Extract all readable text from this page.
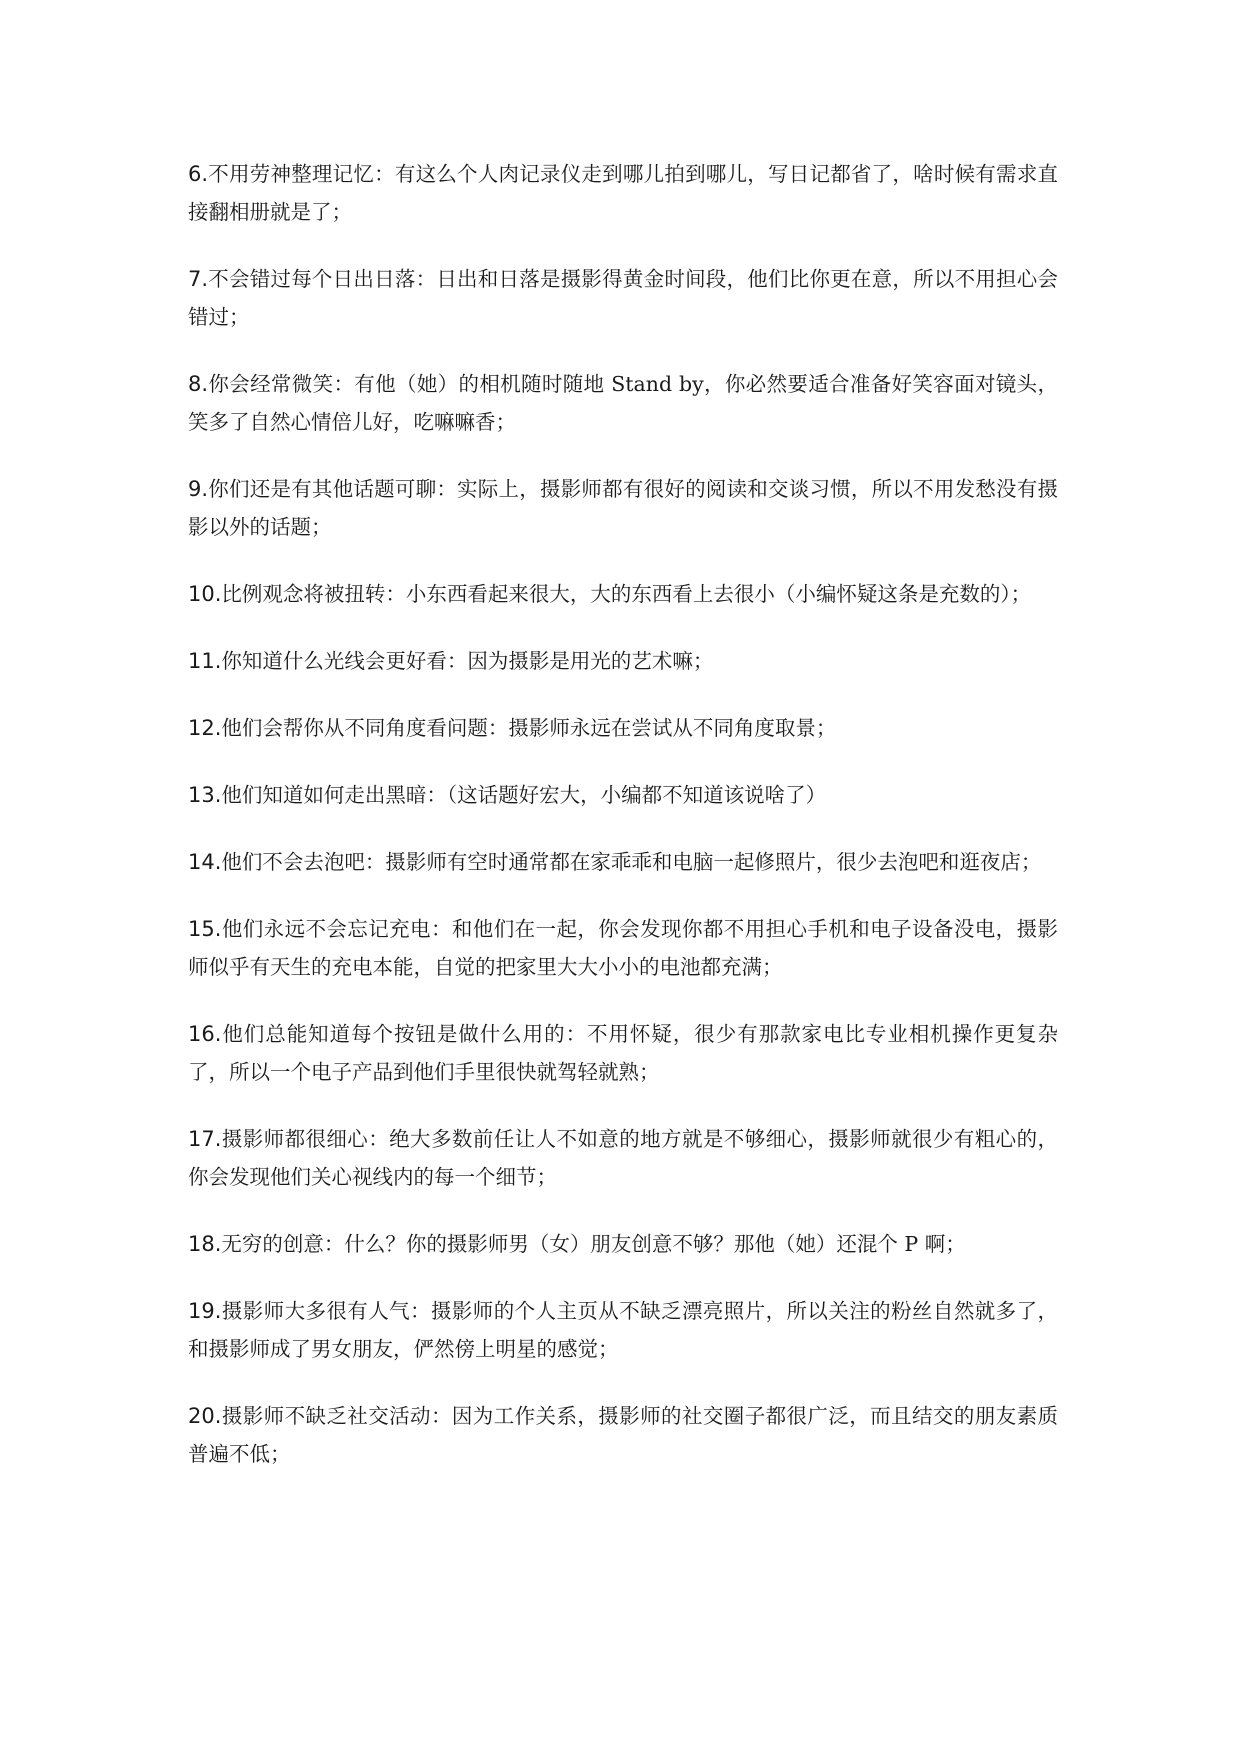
6.不用劳神整理记忆：有这么个人肉记录仪走到哪儿拍到哪儿，写日记都省了，啥时候有需求直接翻相册就是了；

7.不会错过每个日出日落：日出和日落是摄影得黄金时间段，他们比你更在意，所以不用担心会错过；

8.你会经常微笑：有他（她）的相机随时随地 Stand by，你必然要适合准备好笑容面对镜头，笑多了自然心情倍儿好，吃嘛嘛香；

9.你们还是有其他话题可聊：实际上，摄影师都有很好的阅读和交谈习惯，所以不用发愁没有摄影以外的话题；

10.比例观念将被扭转：小东西看起来很大，大的东西看上去很小（小编怀疑这条是充数的）；

11.你知道什么光线会更好看：因为摄影是用光的艺术嘛；

12.他们会帮你从不同角度看问题：摄影师永远在尝试从不同角度取景；

13.他们知道如何走出黑暗：（这话题好宏大，小编都不知道该说啥了）

14.他们不会去泡吧：摄影师有空时通常都在家乖乖和电脑一起修照片，很少去泡吧和逛夜店；

15.他们永远不会忘记充电：和他们在一起，你会发现你都不用担心手机和电子设备没电，摄影师似乎有天生的充电本能，自觉的把家里大大小小的电池都充满；

16.他们总能知道每个按钮是做什么用的：不用怀疑，很少有那款家电比专业相机操作更复杂了，所以一个电子产品到他们手里很快就驾轻就熟；

17.摄影师都很细心：绝大多数前任让人不如意的地方就是不够细心，摄影师就很少有粗心的，你会发现他们关心视线内的每一个细节；

18.无穷的创意：什么？你的摄影师男（女）朋友创意不够？那他（她）还混个 P 啊；

19.摄影师大多很有人气：摄影师的个人主页从不缺乏漂亮照片，所以关注的粉丝自然就多了，和摄影师成了男女朋友，俨然傍上明星的感觉；

20.摄影师不缺乏社交活动：因为工作关系，摄影师的社交圈子都很广泛，而且结交的朋友素质普遍不低；
